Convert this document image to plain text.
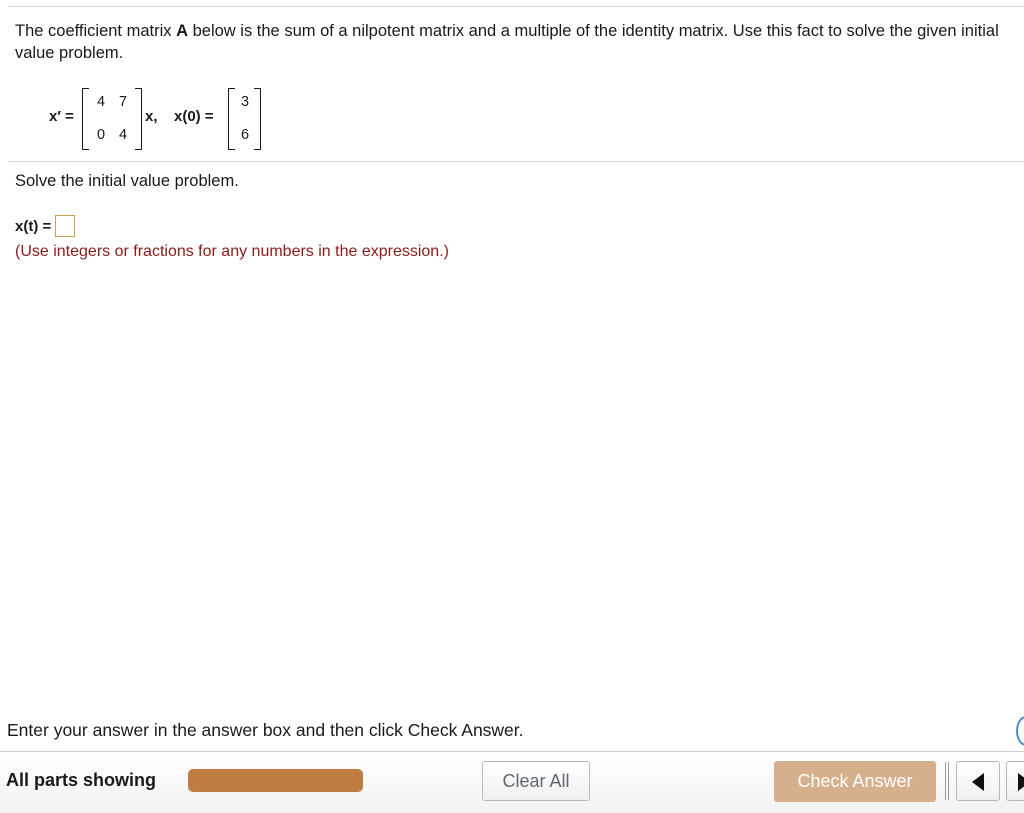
The coefficient matrix A below is the sum of a nilpotent matrix and a multiple of the identity matrix. Use this fact to solve the given initial value problem.
x′ =
4 7
0 4
x, x(0) =
3
6
Solve the initial value problem.
x(t) =
(Use integers or fractions for any numbers in the expression.)
Enter your answer in the answer box and then click Check Answer.
All parts showing	Clear All	Check Answer
